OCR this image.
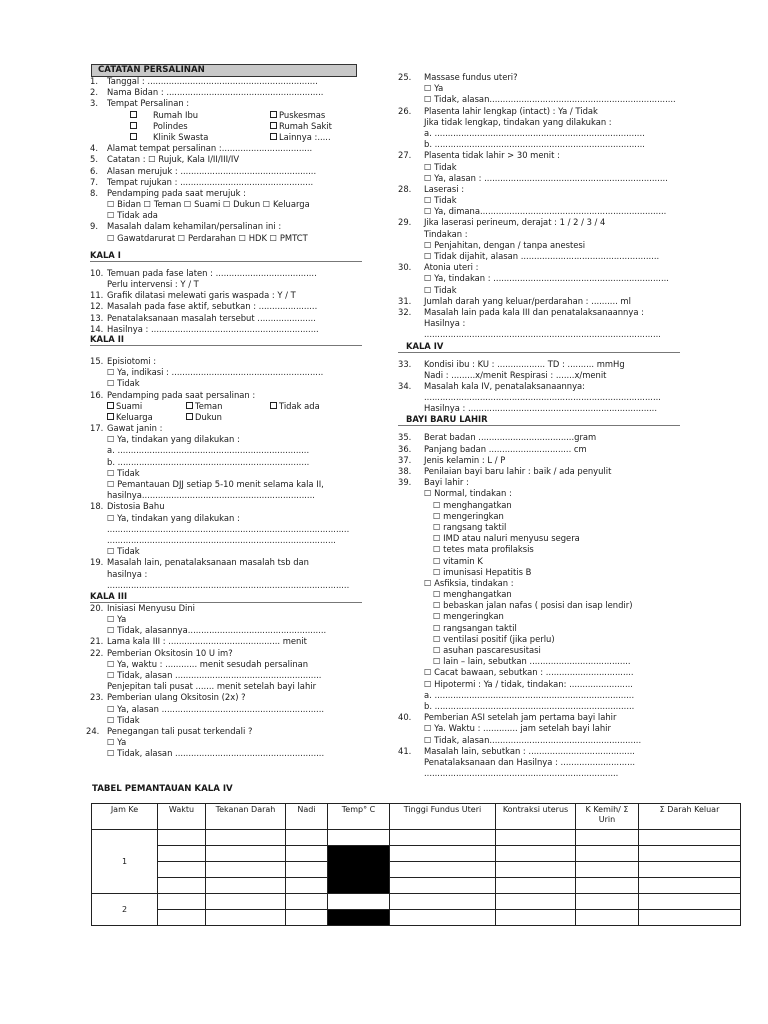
CATATAN PERSALINAN
1. Tanggal : ................................................................
2. Nama Bidan : ...........................................................
3. Tempat Persalinan :
Rumah Ibu	Puskesmas
Polindes	Rumah Sakit
Klinik Swasta	Lainnya :.....
4. Alamat tempat persalinan :..................................
5. Catatan : ☐ Rujuk, Kala I/II/III/IV
6. Alasan merujuk : ...................................................
7. Tempat rujukan : ..................................................
8. Pendamping pada saat merujuk :
☐ Bidan ☐ Teman ☐ Suami ☐ Dukun ☐ Keluarga
☐ Tidak ada
9. Masalah dalam kehamilan/persalinan ini :
☐ Gawatdarurat ☐ Perdarahan ☐ HDK ☐ PMTCT
KALA I
10. Temuan pada fase laten : ......................................
Perlu intervensi : Y / T
11. Grafik dilatasi melewati garis waspada : Y / T
12. Masalah pada fase aktif, sebutkan : ......................
13. Penatalaksanaan masalah tersebut ......................
14. Hasilnya : ...............................................................
KALA II
15. Episiotomi :
☐ Ya, indikasi : .........................................................
☐ Tidak
16. Pendamping pada saat persalinan :
Suami	Teman	Tidak ada
Keluarga	Dukun
17. Gawat janin :
☐ Ya, tindakan yang dilakukan :
a. ........................................................................
b. ........................................................................
☐ Tidak
☐ Pemantauan DJJ setiap 5-10 menit selama kala II,
hasilnya.................................................................
18. Distosia Bahu
☐ Ya, tindakan yang dilakukan :
...........................................................................................
......................................................................................
☐ Tidak
19. Masalah lain, penatalaksanaan masalah tsb dan
hasilnya :
...........................................................................................
KALA III
20. Inisiasi Menyusu Dini
☐ Ya
☐ Tidak, alasannya....................................................
21. Lama kala III : .......................................... menit
22. Pemberian Oksitosin 10 U im?
☐ Ya, waktu : ............ menit sesudah persalinan
☐ Tidak, alasan .......................................................
Penjepitan tali pusat ....... menit setelah bayi lahir
23. Pemberian ulang Oksitosin (2x) ?
☐ Ya, alasan .............................................................
☐ Tidak
24. Penegangan tali pusat terkendali ?
☐ Ya
☐ Tidak, alasan ........................................................
25. Massase fundus uteri?
☐ Ya
☐ Tidak, alasan......................................................................
26. Plasenta lahir lengkap (intact) : Ya / Tidak
Jika tidak lengkap, tindakan yang dilakukan :
a. ...............................................................................
b. ...............................................................................
27. Plasenta tidak lahir > 30 menit :
☐ Tidak
☐ Ya, alasan : .....................................................................
28. Laserasi :
☐ Tidak
☐ Ya, dimana......................................................................
29. Jika laserasi perineum, derajat : 1 / 2 / 3 / 4
Tindakan :
☐ Penjahitan, dengan / tanpa anestesi
☐ Tidak dijahit, alasan ....................................................
30. Atonia uteri :
☐ Ya, tindakan : ..................................................................
☐ Tidak
31. Jumlah darah yang keluar/perdarahan : .......... ml
32. Masalah lain pada kala III dan penatalaksanaannya :
Hasilnya :
.........................................................................................
KALA IV
33. Kondisi ibu : KU : .................. TD : .......... mmHg
Nadi : .........x/menit Respirasi : .......x/menit
34. Masalah kala IV, penatalaksanaannya:
.........................................................................................
Hasilnya : .......................................................................
BAYI BARU LAHIR
35. Berat badan ....................................gram
36. Panjang badan ............................... cm
37. Jenis kelamin : L / P
38. Penilaian bayi baru lahir : baik / ada penyulit
39. Bayi lahir :
☐ Normal, tindakan :
☐ menghangatkan
☐ mengeringkan
☐ rangsang taktil
☐ IMD atau naluri menyusu segera
☐ tetes mata profilaksis
☐ vitamin K
☐ imunisasi Hepatitis B
☐ Asfiksia, tindakan :
☐ menghangatkan
☐ bebaskan jalan nafas ( posisi dan isap lendir)
☐ mengeringkan
☐ rangsangan taktil
☐ ventilasi positif (jika perlu)
☐ asuhan pascaresusitasi
☐ lain – lain, sebutkan ......................................
☐ Cacat bawaan, sebutkan : .................................
☐ Hipotermi : Ya / tidak, tindakan: ........................
a. ...........................................................................
b. ...........................................................................
40. Pemberian ASI setelah jam pertama bayi lahir
☐ Ya. Waktu : ............. jam setelah bayi lahir
☐ Tidak, alasan.........................................................
41. Masalah lain, sebutkan : ........................................
Penatalaksanaan dan Hasilnya : ............................
.........................................................................
TABEL PEMANTAUAN KALA IV
Jam Ke	Waktu	Tekanan Darah	Nadi	Temp° C	Tinggi Fundus Uteri	Kontraksi uterus	K Kemih/ Σ Urin	Σ Darah Keluar
1								

2								
